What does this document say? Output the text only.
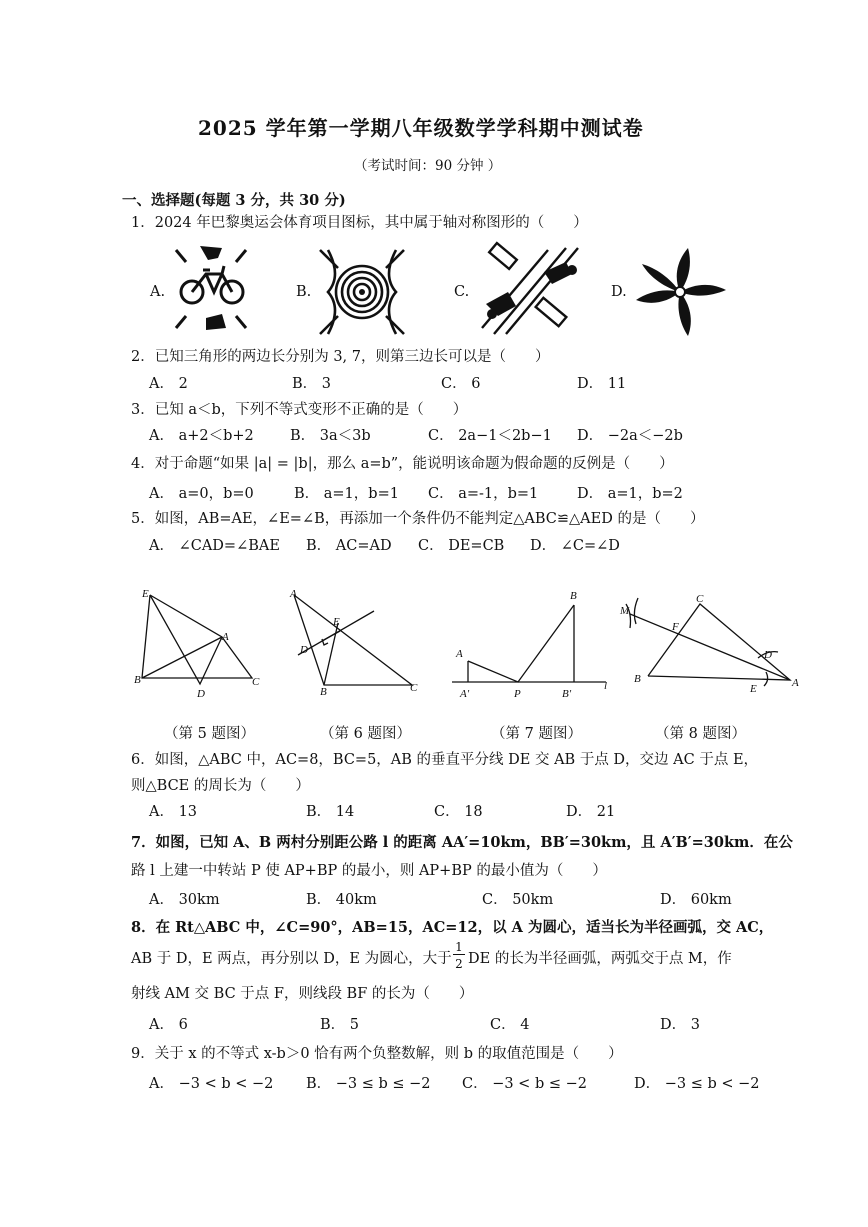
2025 学年第一学期八年级数学学科期中测试卷
（考试时间：90 分钟 ）
一、选择题(每题 3 分，共 30 分)
1．2024 年巴黎奥运会体育项目图标，其中属于轴对称图形的（　　）
A.	B.	C.	D.
2．已知三角形的两边长分别为 3, 7，则第三边长可以是（　　）
A． 2	B． 3	C． 6	D． 11
3．已知 a＜b，下列不等式变形不正确的是（　　）
A． a+2＜b+2 B． 3a＜3b	C． 2a−1＜2b−1 D． −2a＜−2b
4．对于命题“如果 |a| = |b|，那么 a=b”，能说明该命题为假命题的反例是（　　）
A． a=0，b=0	B． a=1，b=1 C． a=-1，b=1	D． a=1，b=2
5．如图，AB=AE，∠E=∠B，再添加一个条件仍不能判定△ABC≌△AED 的是（　　）
A． ∠CAD=∠BAE B． AC=AD C． DE=CB D． ∠C=∠D
E
A
B
D
C
A
E
D
B	C
B
A
A′	P	B′
l
M
C
F
D
B
E	A
（第 5 题图）	（第 6 题图）	（第 7 题图）	（第 8 题图）
6．如图，△ABC 中，AC=8，BC=5，AB 的垂直平分线 DE 交 AB 于点 D，交边 AC 于点 E，
则△BCE 的周长为（　　）
A． 13	B． 14	C． 18	D． 21
7．如图，已知 A、B 两村分别距公路 l 的距离 AA′=10km，BB′=30km，且 A′B′=30km．在公
路 l 上建一中转站 P 使 AP+BP 的最小，则 AP+BP 的最小值为（　　）
A． 30km	B． 40km	C． 50km	D． 60km
8．在 Rt△ABC 中，∠C=90°，AB=15，AC=12，以 A 为圆心，适当长为半径画弧，交 AC，
AB 于 D，E 两点，再分别以 D，E 为圆心，大于
1
2 DE 的长为半径画弧，两弧交于点 M，作
射线 AM 交 BC 于点 F，则线段 BF 的长为（　　）
A． 6	B． 5	C． 4	D． 3
9．关于 x 的不等式 x-b＞0 恰有两个负整数解，则 b 的取值范围是（　　）
A． −3 < b < −2 B． −3 ≤ b ≤ −2 C． −3 < b ≤ −2	D． −3 ≤ b < −2
